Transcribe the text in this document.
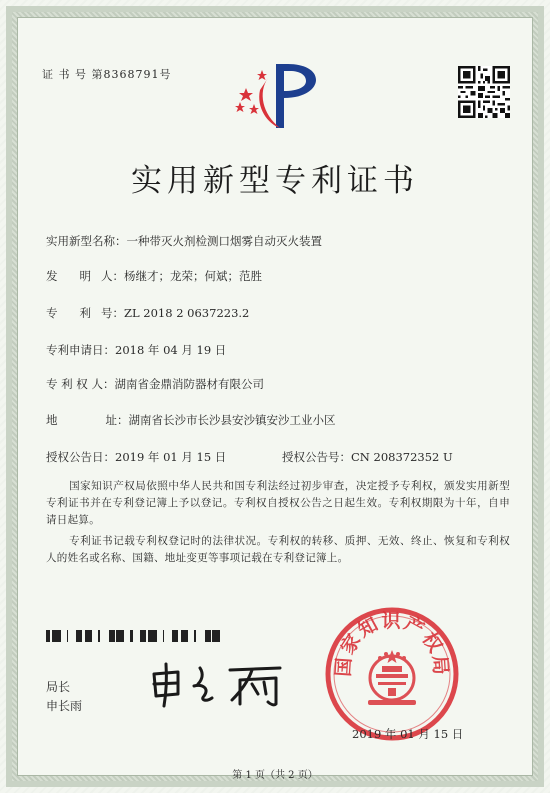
证 书 号 第8368791号
实用新型专利证书
实用新型名称：一种带灭火剂检测口烟雾自动灭火装置
发 明 人：杨继才；龙荣；何斌；范胜
专 利 号：ZL 2018 2 0637223.2
专利申请日：2018 年 04 月 19 日
专 利 权 人：湖南省金鼎消防器材有限公司
地	址：湖南省长沙市长沙县安沙镇安沙工业小区
授权公告日：2019 年 01 月 15 日	授权公告号：CN 208372352 U
国家知识产权局依照中华人民共和国专利法经过初步审查，决定授予专利权，颁发实用新型专利证书并在专利登记簿上予以登记。专利权自授权公告之日起生效。专利权期限为十年，自申请日起算。
专利证书记载专利权登记时的法律状况。专利权的转移、质押、无效、终止、恢复和专利权人的姓名或名称、国籍、地址变更等事项记载在专利登记簿上。
局长
申长雨
国家知识产权局
2019 年 01 月 15 日
第 1 页（共 2 页）
